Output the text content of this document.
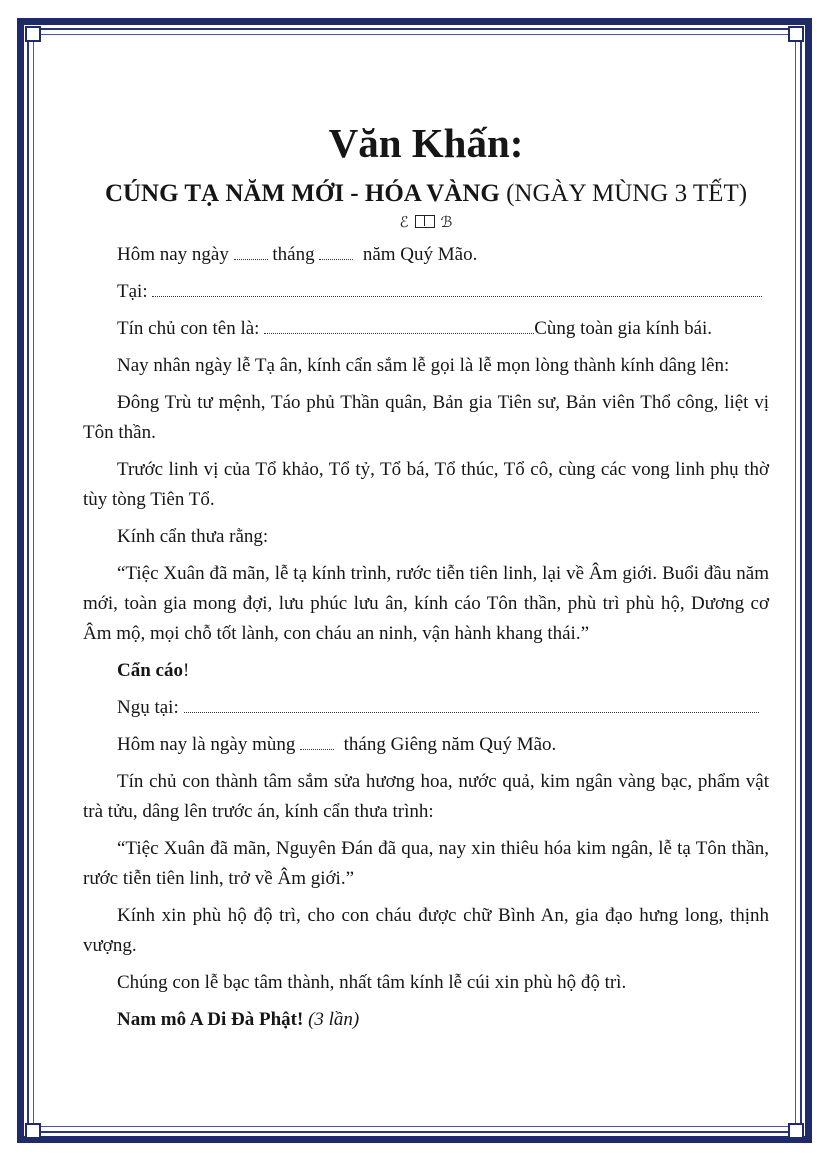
Văn Khấn:
CÚNG TẠ NĂM MỚI - HÓA VÀNG (NGÀY MÙNG 3 TẾT)
ℰ ℬ
Hôm nay ngày tháng	năm Quý Mão.
Tại:
Tín chủ con tên là:	Cùng toàn gia kính bái.

Nay nhân ngày lễ Tạ ân, kính cẩn sắm lễ gọi là lễ mọn lòng thành kính dâng lên:

Đông Trù tư mệnh, Táo phủ Thần quân, Bản gia Tiên sư, Bản viên Thổ công, liệt vị Tôn thần.

Trước linh vị của Tổ khảo, Tổ tỷ, Tổ bá, Tổ thúc, Tổ cô, cùng các vong linh phụ thờ tùy tòng Tiên Tổ.

Kính cẩn thưa rằng:

“Tiệc Xuân đã mãn, lễ tạ kính trình, rước tiễn tiên linh, lại về Âm giới. Buổi đầu năm mới, toàn gia mong đợi, lưu phúc lưu ân, kính cáo Tôn thần, phù trì phù hộ, Dương cơ Âm mộ, mọi chỗ tốt lành, con cháu an ninh, vận hành khang thái.”

Cẩn cáo!
Ngụ tại:
Hôm nay là ngày mùng	tháng Giêng năm Quý Mão.

Tín chủ con thành tâm sắm sửa hương hoa, nước quả, kim ngân vàng bạc, phẩm vật trà tửu, dâng lên trước án, kính cẩn thưa trình:

“Tiệc Xuân đã mãn, Nguyên Đán đã qua, nay xin thiêu hóa kim ngân, lễ tạ Tôn thần, rước tiễn tiên linh, trở về Âm giới.”

Kính xin phù hộ độ trì, cho con cháu được chữ Bình An, gia đạo hưng long, thịnh vượng.

Chúng con lễ bạc tâm thành, nhất tâm kính lễ cúi xin phù hộ độ trì.

Nam mô A Di Đà Phật! (3 lần)
